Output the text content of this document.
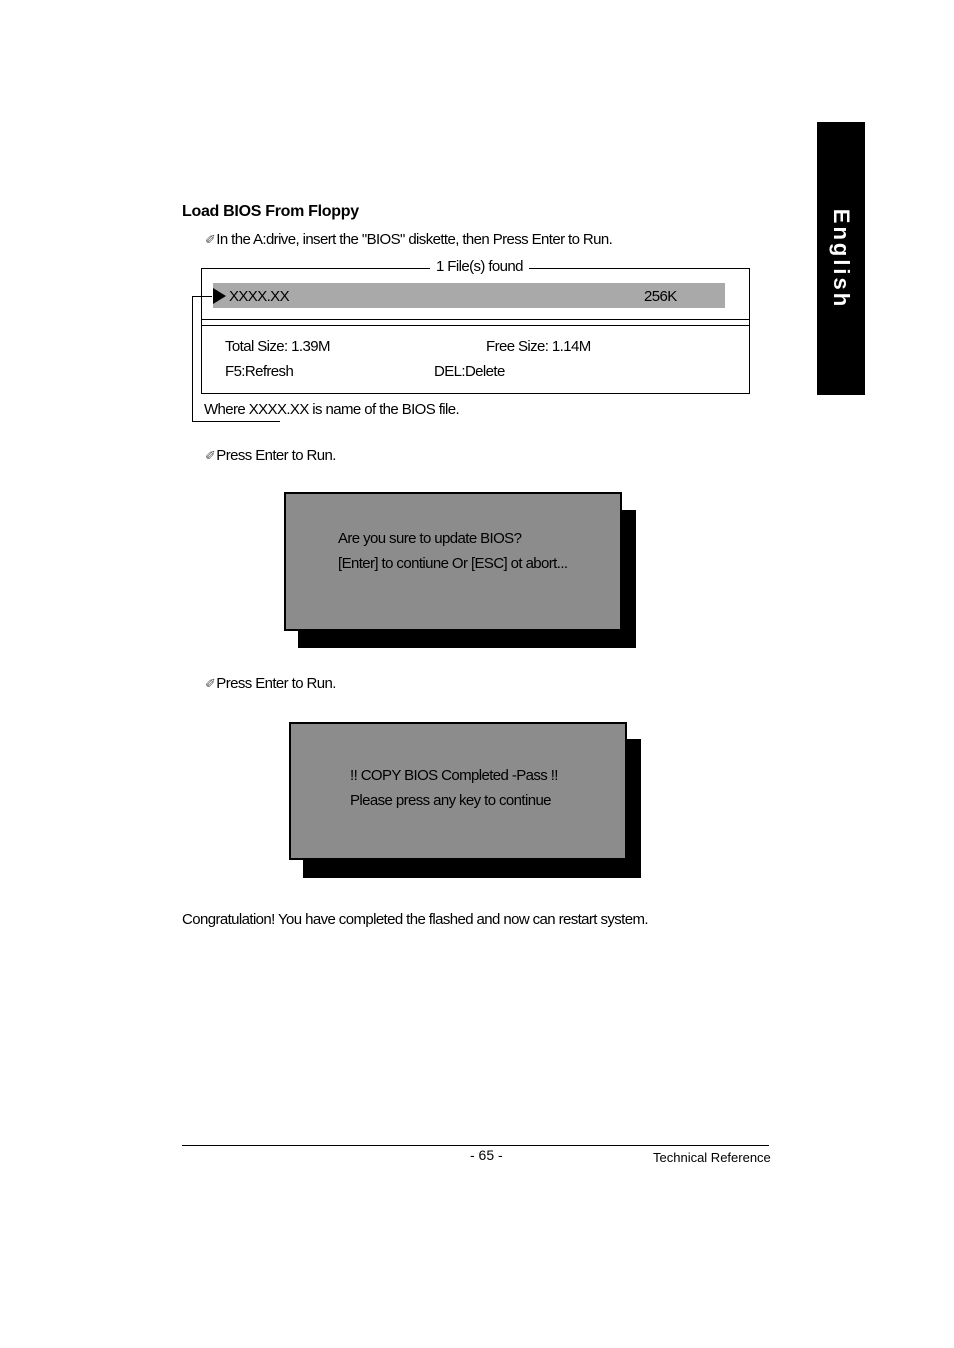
English
Load BIOS From Floppy
✐In the A:drive, insert the "BIOS" diskette, then Press Enter to Run.
1 File(s) found
XXXX.XX	256K
Total Size: 1.39M	Free Size: 1.14M
F5:Refresh	DEL:Delete
Where XXXX.XX is name of the BIOS file.
✐Press Enter to Run.
Are you sure to update BIOS?
[Enter] to contiune Or [ESC] ot abort...
✐Press Enter to Run.
!! COPY BIOS Completed -Pass !!
Please press any key to continue
Congratulation! You have completed the flashed and now can restart system.
- 65 -	Technical Reference
